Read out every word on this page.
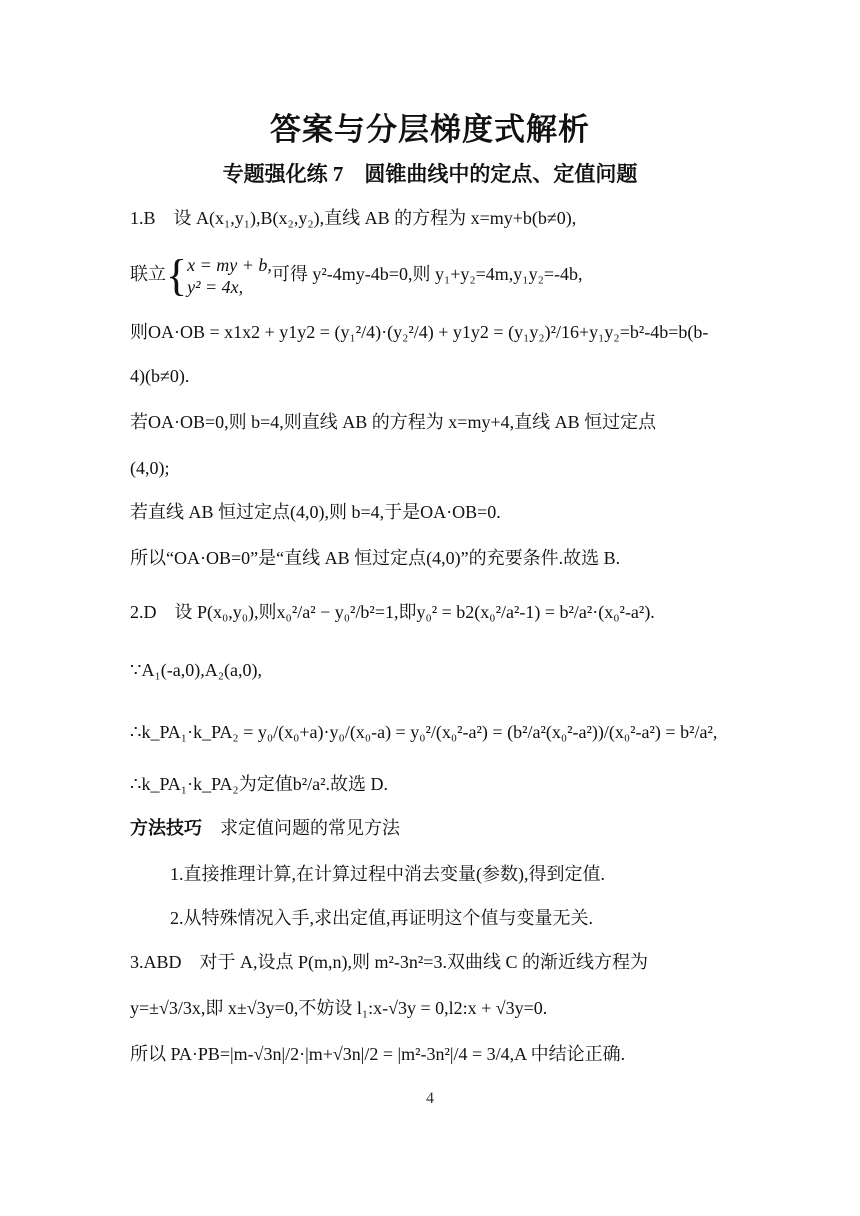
答案与分层梯度式解析
专题强化练 7　圆锥曲线中的定点、定值问题
1.B　设 A(x₁,y₁),B(x₂,y₂),直线 AB 的方程为 x=my+b(b≠0),
联立{ x = my + b,
y² = 4x,
可得 y²-4my-4b=0,则 y₁+y₂=4m,y₁y₂=-4b,
则OA·OB = x1x2 + y1y2 = (y₁²/4)·(y₂²/4) + y1y2 = (y₁y₂)²/16+y₁y₂=b²-4b=b(b-
4)(b≠0).
若OA·OB=0,则 b=4,则直线 AB 的方程为 x=my+4,直线 AB 恒过定点
(4,0);
若直线 AB 恒过定点(4,0),则 b=4,于是OA·OB=0.
所以“OA·OB=0”是“直线 AB 恒过定点(4,0)”的充要条件.故选 B.
2.D　设 P(x₀,y₀),则x₀²/a² − y₀²/b²=1,即y₀² = b2(x₀²/a²-1) = b²/a²·(x₀²-a²).
∵A₁(-a,0),A₂(a,0),
∴k_PA₁·k_PA₂ = y₀/(x₀+a)·y₀/(x₀-a) = y₀²/(x₀²-a²) = (b²/a²(x₀²-a²))/(x₀²-a²) = b²/a²,
∴k_PA₁·k_PA₂为定值b²/a².故选 D.
方法技巧　 求定值问题的常见方法
1.直接推理计算,在计算过程中消去变量(参数),得到定值.
2.从特殊情况入手,求出定值,再证明这个值与变量无关.
3.ABD　对于 A,设点 P(m,n),则 m²-3n²=3.双曲线 C 的渐近线方程为
y=±√3/3x,即 x±√3y=0,不妨设 l₁:x-√3y = 0,l2:x + √3y=0.
所以 PA·PB=|m-√3n|/2·|m+√3n|/2 = |m²-3n²|/4 = 3/4,A 中结论正确.
4
